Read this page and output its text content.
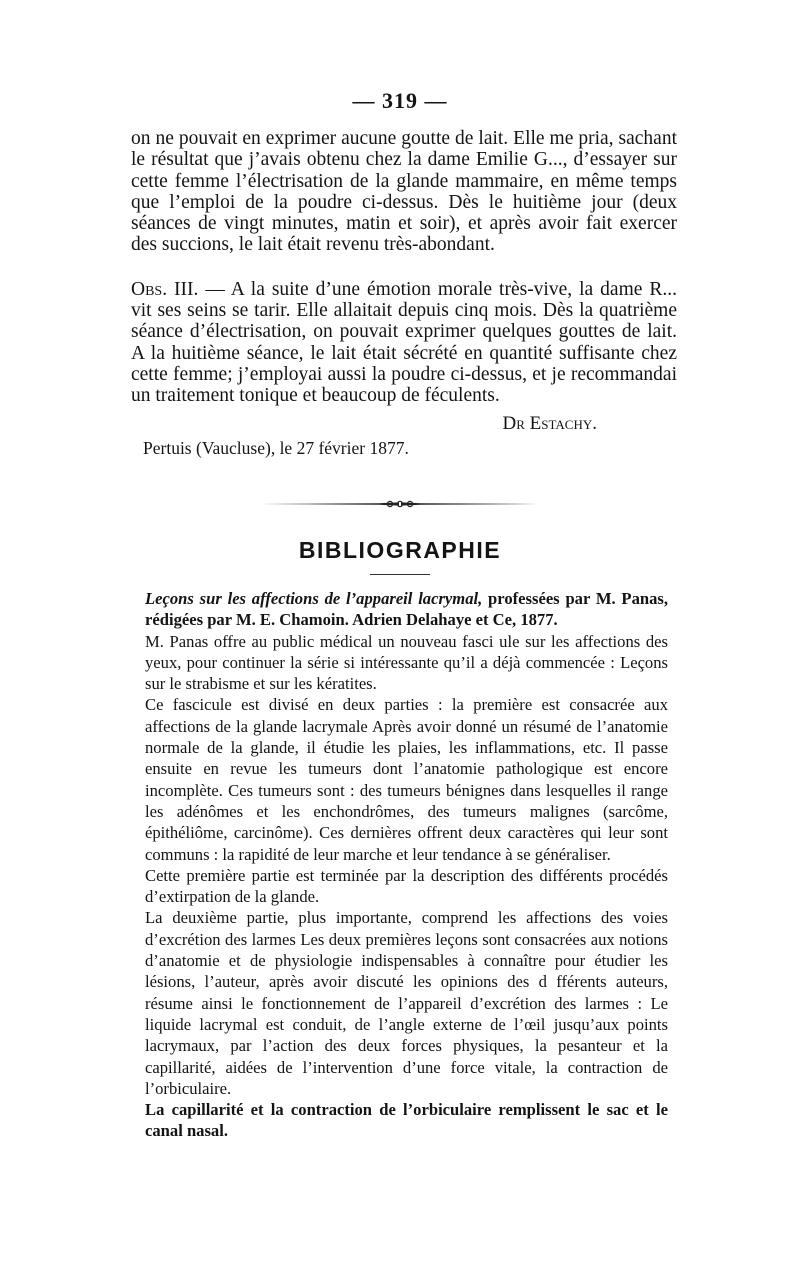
— 319 —

on ne pouvait en exprimer aucune goutte de lait. Elle me pria, sachant le résultat que j’avais obtenu chez la dame Emilie G..., d’essayer sur cette femme l’électrisation de la glande mammaire, en même temps que l’emploi de la poudre ci-dessus. Dès le huitième jour (deux séances de vingt minutes, matin et soir), et après avoir fait exercer des succions, le lait était revenu très-abondant.

Obs. III. — A la suite d’une émotion morale très-vive, la dame R... vit ses seins se tarir. Elle allaitait depuis cinq mois. Dès la quatrième séance d’électrisation, on pouvait exprimer quelques gouttes de lait. A la huitième séance, le lait était sécrété en quantité suffisante chez cette femme; j’employai aussi la poudre ci-dessus, et je recommandai un traitement tonique et beaucoup de féculents.

Dr Estachy.

Pertuis (Vaucluse), le 27 février 1877.

BIBLIOGRAPHIE

Leçons sur les affections de l’appareil lacrymal, professées par M. Panas, rédigées par M. E. Chamoin. Adrien Delahaye et Ce, 1877.

M. Panas offre au public médical un nouveau fasci ule sur les affections des yeux, pour continuer la série si intéressante qu’il a déjà commencée : Leçons sur le strabisme et sur les kératites.

Ce fascicule est divisé en deux parties : la première est consacrée aux affections de la glande lacrymale Après avoir donné un résumé de l’anatomie normale de la glande, il étudie les plaies, les inflammations, etc. Il passe ensuite en revue les tumeurs dont l’anatomie pathologique est encore incomplète. Ces tumeurs sont : des tumeurs bénignes dans lesquelles il range les adénômes et les enchondrômes, des tumeurs malignes (sarcôme, épithéliôme, carcinôme). Ces dernières offrent deux caractères qui leur sont communs : la rapidité de leur marche et leur tendance à se généraliser.

Cette première partie est terminée par la description des différents procédés d’extirpation de la glande.

La deuxième partie, plus importante, comprend les affections des voies d’excrétion des larmes Les deux premières leçons sont consacrées aux notions d’anatomie et de physiologie indispensables à connaître pour étudier les lésions, l’auteur, après avoir discuté les opinions des d fférents auteurs, résume ainsi le fonctionnement de l’appareil d’excrétion des larmes : Le liquide lacrymal est conduit, de l’angle externe de l’œil jusqu’aux points lacrymaux, par l’action des deux forces physiques, la pesanteur et la capillarité, aidées de l’intervention d’une force vitale, la contraction de l’orbiculaire.

La capillarité et la contraction de l’orbiculaire remplissent le sac et le canal nasal.
